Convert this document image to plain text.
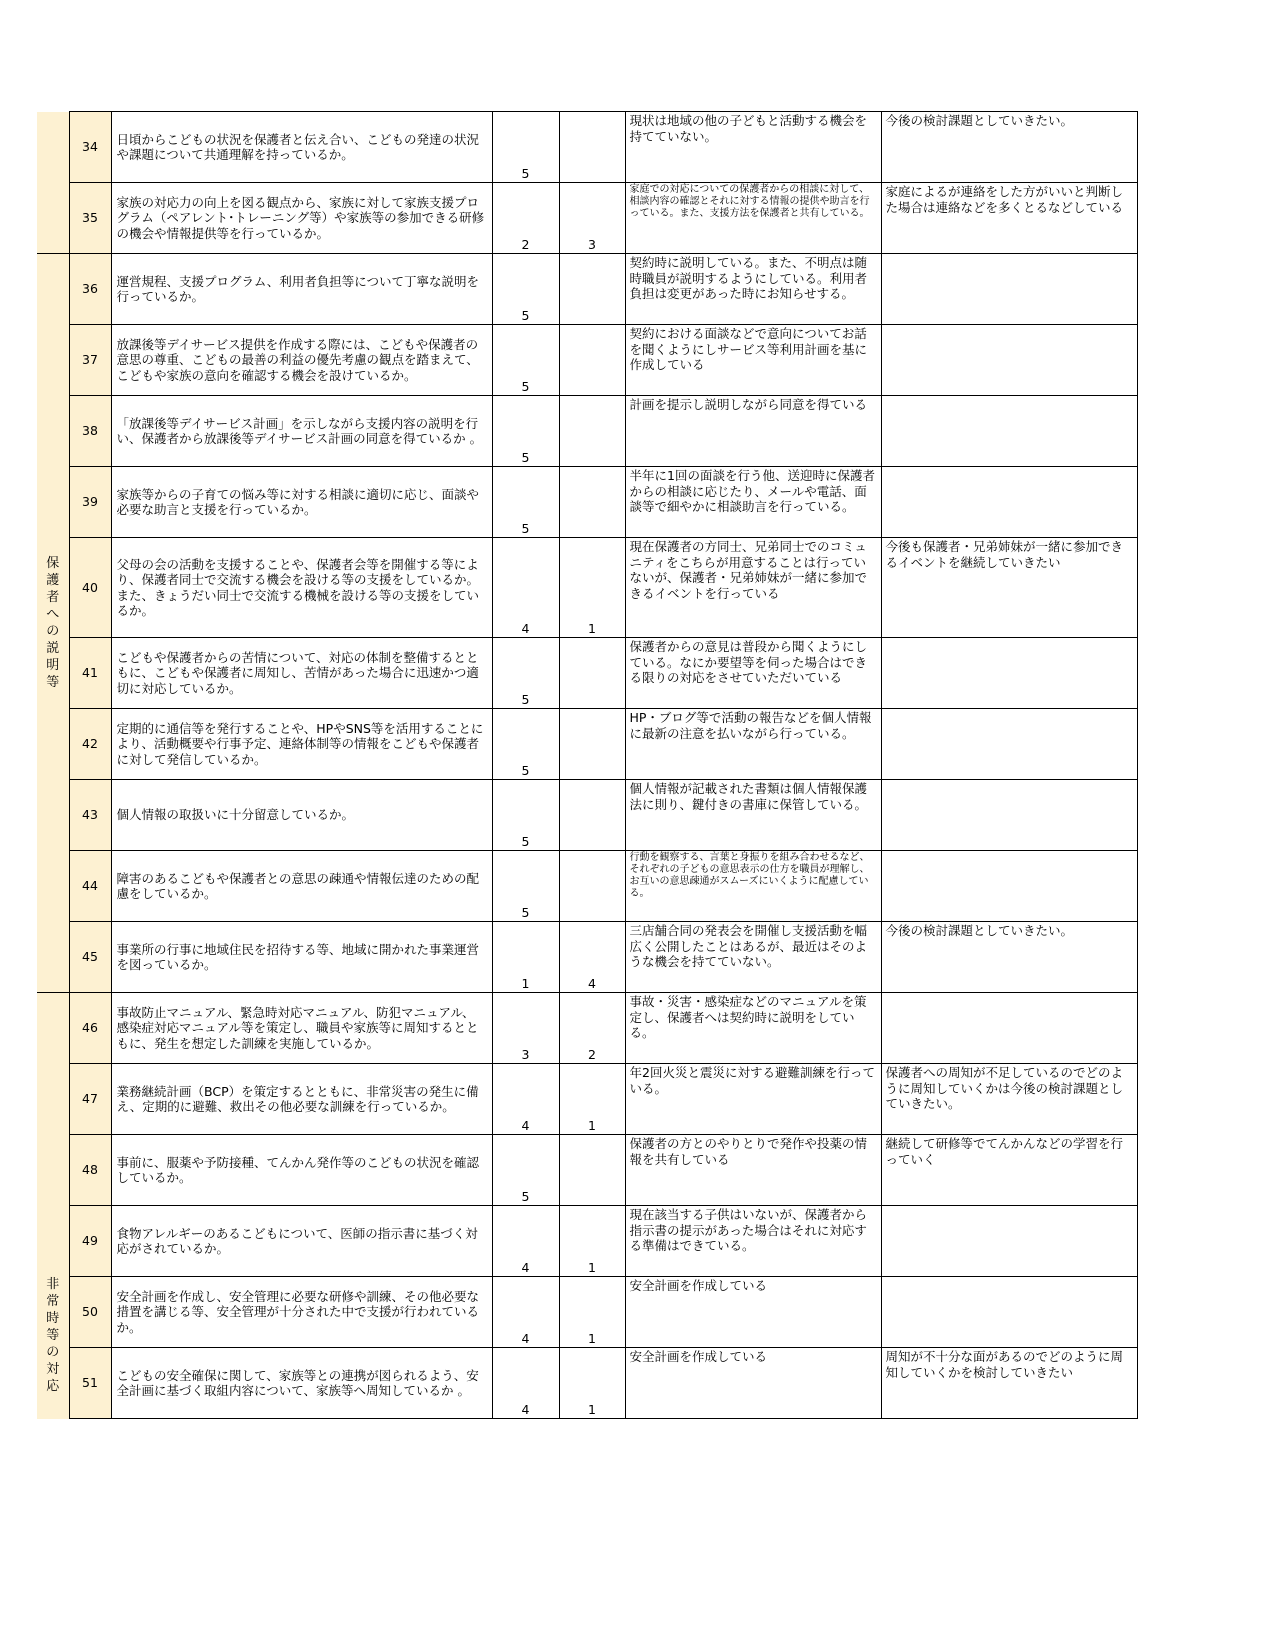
	34	日頃からこどもの状況を保護者と伝え合い、こどもの発達の状況や課題について共通理解を持っているか。	5		現状は地域の他の子どもと活動する機会を持てていない。	今後の検討課題としていきたい。

	35	家族の対応力の向上を図る観点から、家族に対して家族支援プログラム（ペアレント･トレーニング等）や家族等の参加できる研修の機会や情報提供等を行っているか。	2	3	家庭での対応についての保護者からの相談に対して、相談内容の確認とそれに対する情報の提供や助言を行っている。また、支援方法を保護者と共有している。	家庭によるが連絡をした方がいいと判断した場合は連絡などを多くとるなどしている

保護者への説明等	36	運営規程、支援プログラム、利用者負担等について丁寧な説明を行っているか。	5		契約時に説明している。また、不明点は随時職員が説明するようにしている。利用者負担は変更があった時にお知らせする。	

	37	放課後等デイサービス提供を作成する際には、こどもや保護者の意思の尊重、こどもの最善の利益の優先考慮の観点を踏まえて、こどもや家族の意向を確認する機会を設けているか。	5		契約における面談などで意向についてお話を聞くようにしサービス等利用計画を基に作成している	

	38	「放課後等デイサービス計画」を示しながら支援内容の説明を行い、保護者から放課後等デイサービス計画の同意を得ているか 。	5		計画を提示し説明しながら同意を得ている	

	39	家族等からの子育ての悩み等に対する相談に適切に応じ、面談や必要な助言と支援を行っているか。	5		半年に1回の面談を行う他、送迎時に保護者からの相談に応じたり、メールや電話、面談等で細やかに相談助言を行っている。	

	40	父母の会の活動を支援することや、保護者会等を開催する等により、保護者同士で交流する機会を設ける等の支援をしているか。また、きょうだい同士で交流する機械を設ける等の支援をしているか。	4	1	現在保護者の方同士、兄弟同士でのコミュニティをこちらが用意することは行っていないが、保護者・兄弟姉妹が一緒に参加できるイベントを行っている	今後も保護者・兄弟姉妹が一緒に参加できるイベントを継続していきたい

	41	こどもや保護者からの苦情について、対応の体制を整備するとともに、こどもや保護者に周知し、苦情があった場合に迅速かつ適切に対応しているか。	5		保護者からの意見は普段から聞くようにしている。なにか要望等を伺った場合はできる限りの対応をさせていただいている	

	42	定期的に通信等を発行することや、HPやSNS等を活用することにより、活動概要や行事予定、連絡体制等の情報をこどもや保護者に対して発信しているか。	5		HP・ブログ等で活動の報告などを個人情報に最新の注意を払いながら行っている。	

	43	個人情報の取扱いに十分留意しているか。	5		個人情報が記載された書類は個人情報保護法に則り、鍵付きの書庫に保管している。	

	44	障害のあるこどもや保護者との意思の疎通や情報伝達のための配慮をしているか。	5		行動を観察する、言葉と身振りを組み合わせるなど、それぞれの子どもの意思表示の仕方を職員が理解し、お互いの意思疎通がスムーズにいくように配慮している。	

	45	事業所の行事に地域住民を招待する等、地域に開かれた事業運営を図っているか。	1	4	三店舗合同の発表会を開催し支援活動を幅広く公開したことはあるが、最近はそのような機会を持てていない。	今後の検討課題としていきたい。

非常時等の対応	46	事故防止マニュアル、緊急時対応マニュアル、防犯マニュアル、感染症対応マニュアル等を策定し、職員や家族等に周知するとともに、発生を想定した訓練を実施しているか。	3	2	事故・災害・感染症などのマニュアルを策定し、保護者へは契約時に説明をしている。	

	47	業務継続計画（BCP）を策定するとともに、非常災害の発生に備え、定期的に避難、救出その他必要な訓練を行っているか。	4	1	年2回火災と震災に対する避難訓練を行っている。	保護者への周知が不足しているのでどのように周知していくかは今後の検討課題としていきたい。

	48	事前に、服薬や予防接種、てんかん発作等のこどもの状況を確認しているか。	5		保護者の方とのやりとりで発作や投薬の情報を共有している	継続して研修等でてんかんなどの学習を行っていく

	49	食物アレルギーのあるこどもについて、医師の指示書に基づく対応がされているか。	4	1	現在該当する子供はいないが、保護者から指示書の提示があった場合はそれに対応する準備はできている。	

	50	安全計画を作成し、安全管理に必要な研修や訓練、その他必要な措置を講じる等、安全管理が十分された中で支援が行われているか。	4	1	安全計画を作成している	

	51	こどもの安全確保に関して、家族等との連携が図られるよう、安全計画に基づく取組内容について、家族等へ周知しているか 。	4	1	安全計画を作成している	周知が不十分な面があるのでどのように周知していくかを検討していきたい
